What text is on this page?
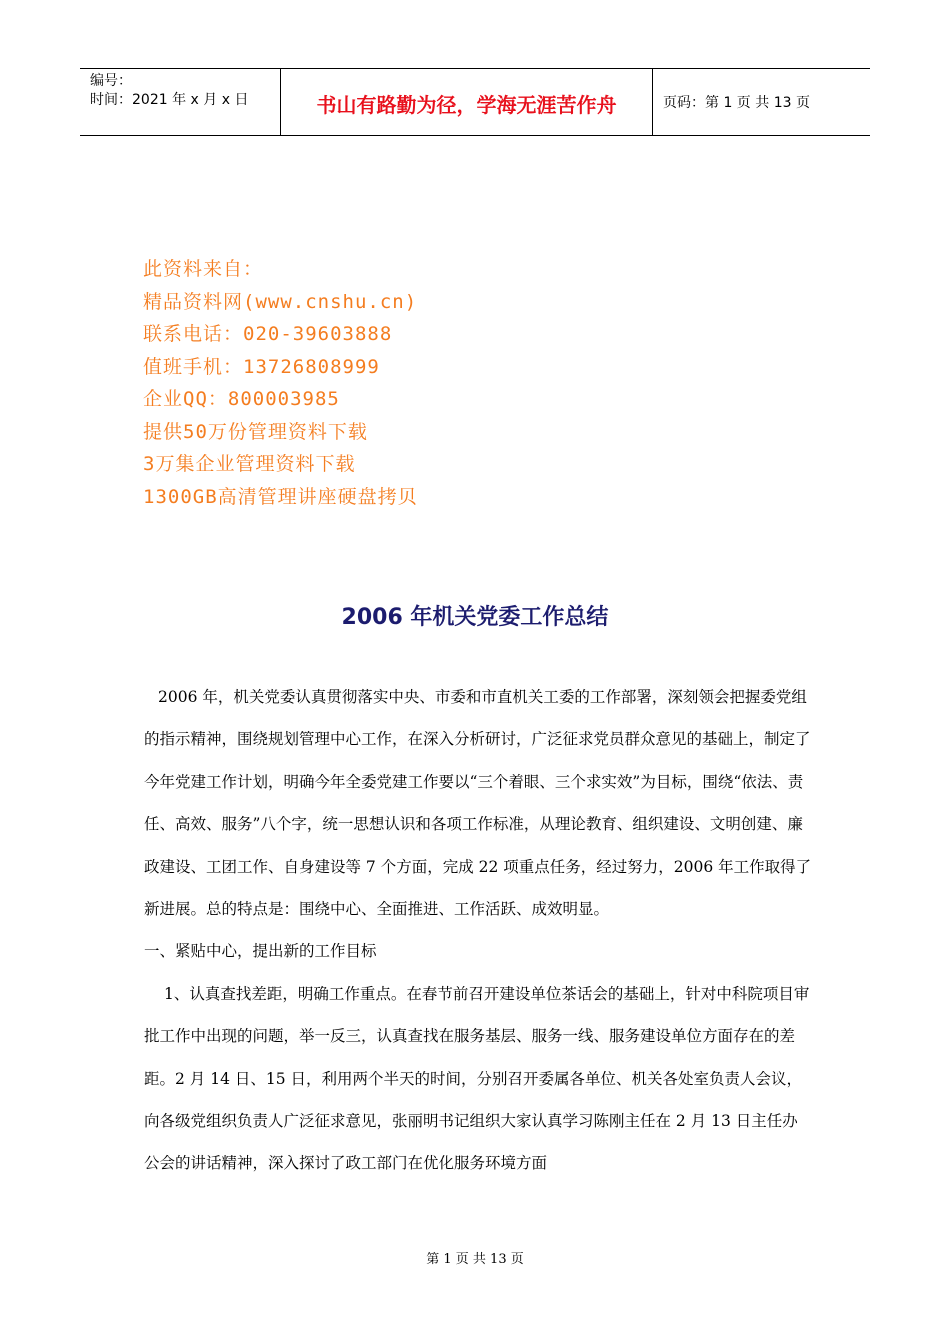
编号：
时间：2021 年 x 月 x 日	书山有路勤为径，学海无涯苦作舟	页码：第 1 页 共 13 页
此资料来自：
精品资料网(www.cnshu.cn)
联系电话：020-39603888
值班手机：13726808999
企业QQ：800003985
提供50万份管理资料下载
3万集企业管理资料下载
1300GB高清管理讲座硬盘拷贝
2006 年机关党委工作总结

2006 年，机关党委认真贯彻落实中央、市委和市直机关工委的工作部署，深刻领会把握委党组的指示精神，围绕规划管理中心工作，在深入分析研讨，广泛征求党员群众意见的基础上，制定了今年党建工作计划，明确今年全委党建工作要以“三个着眼、三个求实效”为目标，围绕“依法、责任、高效、服务”八个字，统一思想认识和各项工作标准，从理论教育、组织建设、文明创建、廉政建设、工团工作、自身建设等 7 个方面，完成 22 项重点任务，经过努力，2006 年工作取得了新进展。总的特点是：围绕中心、全面推进、工作活跃、成效明显。

一、紧贴中心，提出新的工作目标

1、认真查找差距，明确工作重点。在春节前召开建设单位茶话会的基础上，针对中科院项目审批工作中出现的问题，举一反三，认真查找在服务基层、服务一线、服务建设单位方面存在的差距。2 月 14 日、15 日，利用两个半天的时间，分别召开委属各单位、机关各处室负责人会议，向各级党组织负责人广泛征求意见，张丽明书记组织大家认真学习陈刚主任在 2 月 13 日主任办公会的讲话精神，深入探讨了政工部门在优化服务环境方面

第 1 页 共 13 页
